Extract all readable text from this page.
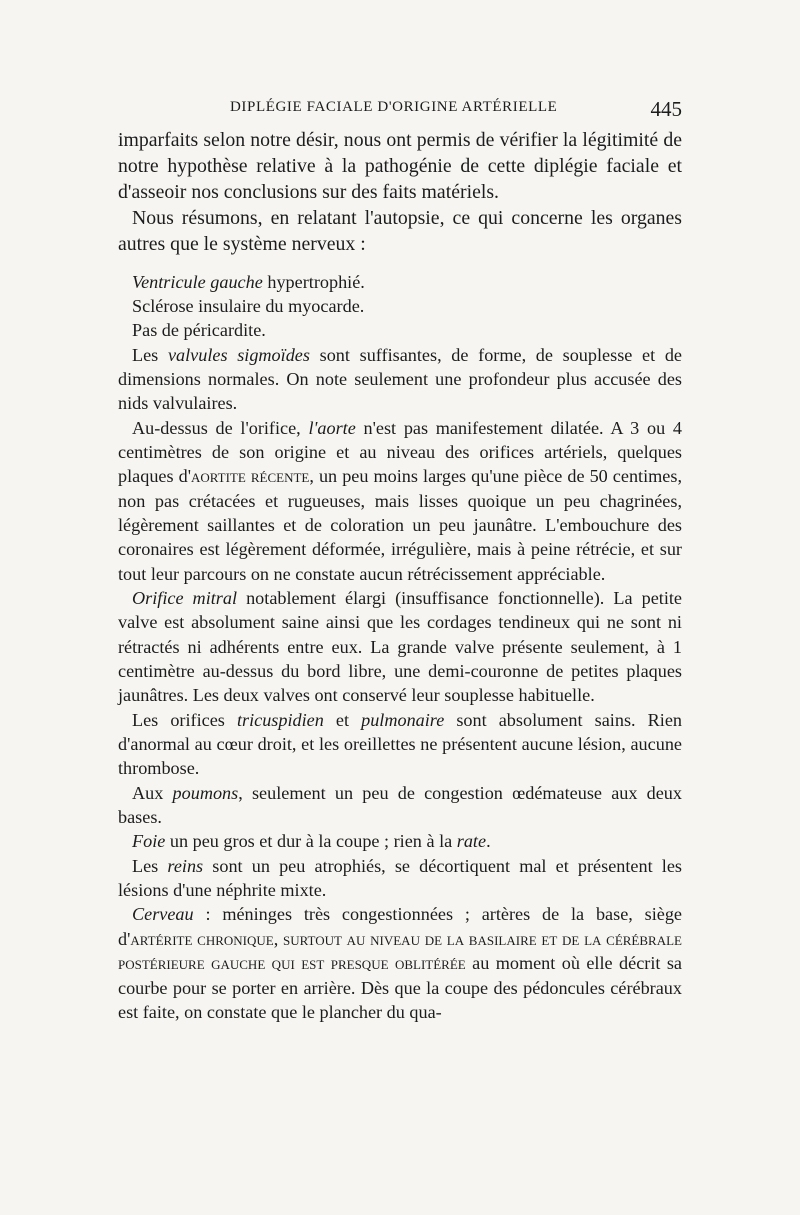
DIPLÉGIE FACIALE D'ORIGINE ARTÉRIELLE	445

imparfaits selon notre désir, nous ont permis de vérifier la légitimité de notre hypothèse relative à la pathogénie de cette diplégie faciale et d'asseoir nos conclusions sur des faits matériels.

Nous résumons, en relatant l'autopsie, ce qui concerne les organes autres que le système nerveux :

Ventricule gauche hypertrophié.

Sclérose insulaire du myocarde.

Pas de péricardite.

Les valvules sigmoïdes sont suffisantes, de forme, de souplesse et de dimensions normales. On note seulement une profondeur plus accusée des nids valvulaires.

Au-dessus de l'orifice, l'aorte n'est pas manifestement dilatée. A 3 ou 4 centimètres de son origine et au niveau des orifices artériels, quelques plaques d'aortite récente, un peu moins larges qu'une pièce de 50 centimes, non pas crétacées et rugueuses, mais lisses quoique un peu chagrinées, légèrement saillantes et de coloration un peu jaunâtre. L'embouchure des coronaires est légèrement déformée, irrégulière, mais à peine rétrécie, et sur tout leur parcours on ne constate aucun rétrécissement appréciable.

Orifice mitral notablement élargi (insuffisance fonctionnelle). La petite valve est absolument saine ainsi que les cordages tendineux qui ne sont ni rétractés ni adhérents entre eux. La grande valve présente seulement, à 1 centimètre au-dessus du bord libre, une demi-couronne de petites plaques jaunâtres. Les deux valves ont conservé leur souplesse habituelle.

Les orifices tricuspidien et pulmonaire sont absolument sains. Rien d'anormal au cœur droit, et les oreillettes ne présentent aucune lésion, aucune thrombose.

Aux poumons, seulement un peu de congestion œdémateuse aux deux bases.

Foie un peu gros et dur à la coupe ; rien à la rate.

Les reins sont un peu atrophiés, se décortiquent mal et présentent les lésions d'une néphrite mixte.

Cerveau : méninges très congestionnées ; artères de la base, siège d'artérite chronique, surtout au niveau de la basilaire et de la cérébrale postérieure gauche qui est presque oblitérée au moment où elle décrit sa courbe pour se porter en arrière. Dès que la coupe des pédoncules cérébraux est faite, on constate que le plancher du qua-
